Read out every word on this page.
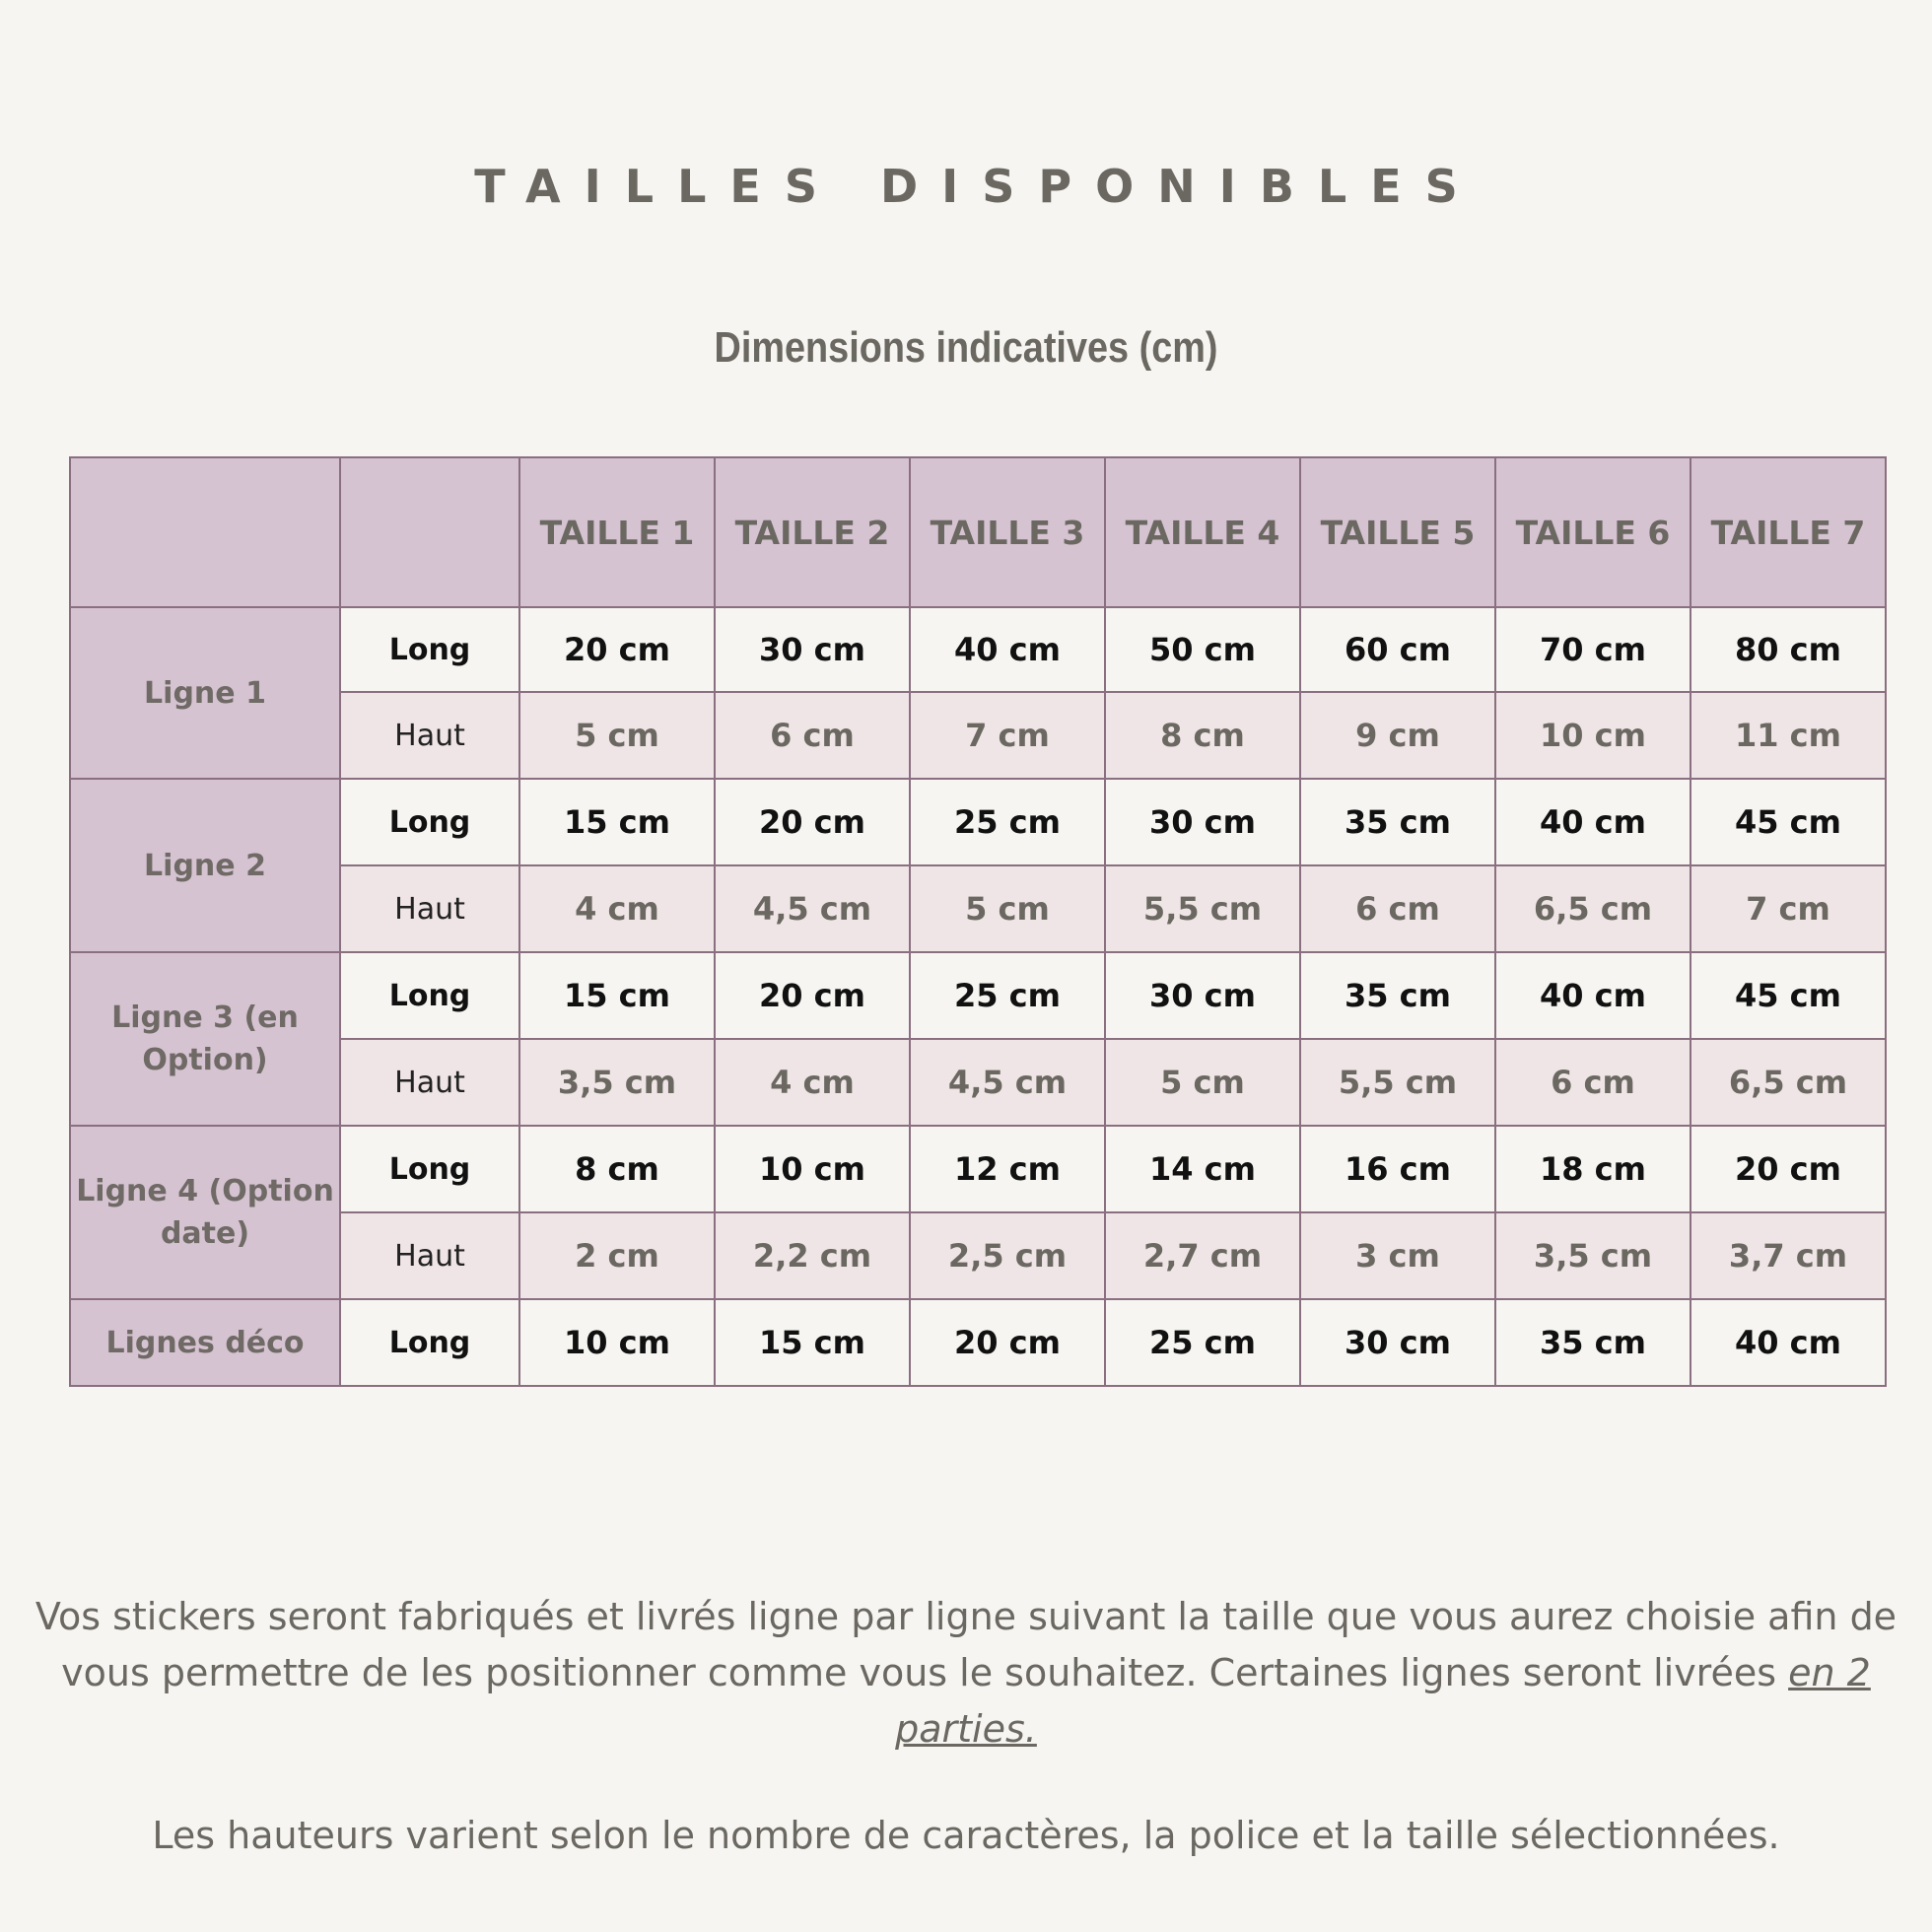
TAILLES DISPONIBLES
Dimensions indicatives (cm)
		TAILLE 1	TAILLE 2	TAILLE 3	TAILLE 4	TAILLE 5	TAILLE 6	TAILLE 7
Ligne 1	Long	20 cm	30 cm	40 cm	50 cm	60 cm	70 cm	80 cm
	Haut	5 cm	6 cm	7 cm	8 cm	9 cm	10 cm	11 cm
Ligne 2	Long	15 cm	20 cm	25 cm	30 cm	35 cm	40 cm	45 cm
	Haut	4 cm	4,5 cm	5 cm	5,5 cm	6 cm	6,5 cm	7 cm
Ligne 3 (en Option)	Long	15 cm	20 cm	25 cm	30 cm	35 cm	40 cm	45 cm
	Haut	3,5 cm	4 cm	4,5 cm	5 cm	5,5 cm	6 cm	6,5 cm
Ligne 4 (Option date)	Long	8 cm	10 cm	12 cm	14 cm	16 cm	18 cm	20 cm
	Haut	2 cm	2,2 cm	2,5 cm	2,7 cm	3 cm	3,5 cm	3,7 cm
Lignes déco	Long	10 cm	15 cm	20 cm	25 cm	30 cm	35 cm	40 cm

Vos stickers seront fabriqués et livrés ligne par ligne suivant la taille que vous aurez choisie afin de
vous permettre de les positionner comme vous le souhaitez. Certaines lignes seront livrées en 2
parties.

Les hauteurs varient selon le nombre de caractères, la police et la taille sélectionnées.
